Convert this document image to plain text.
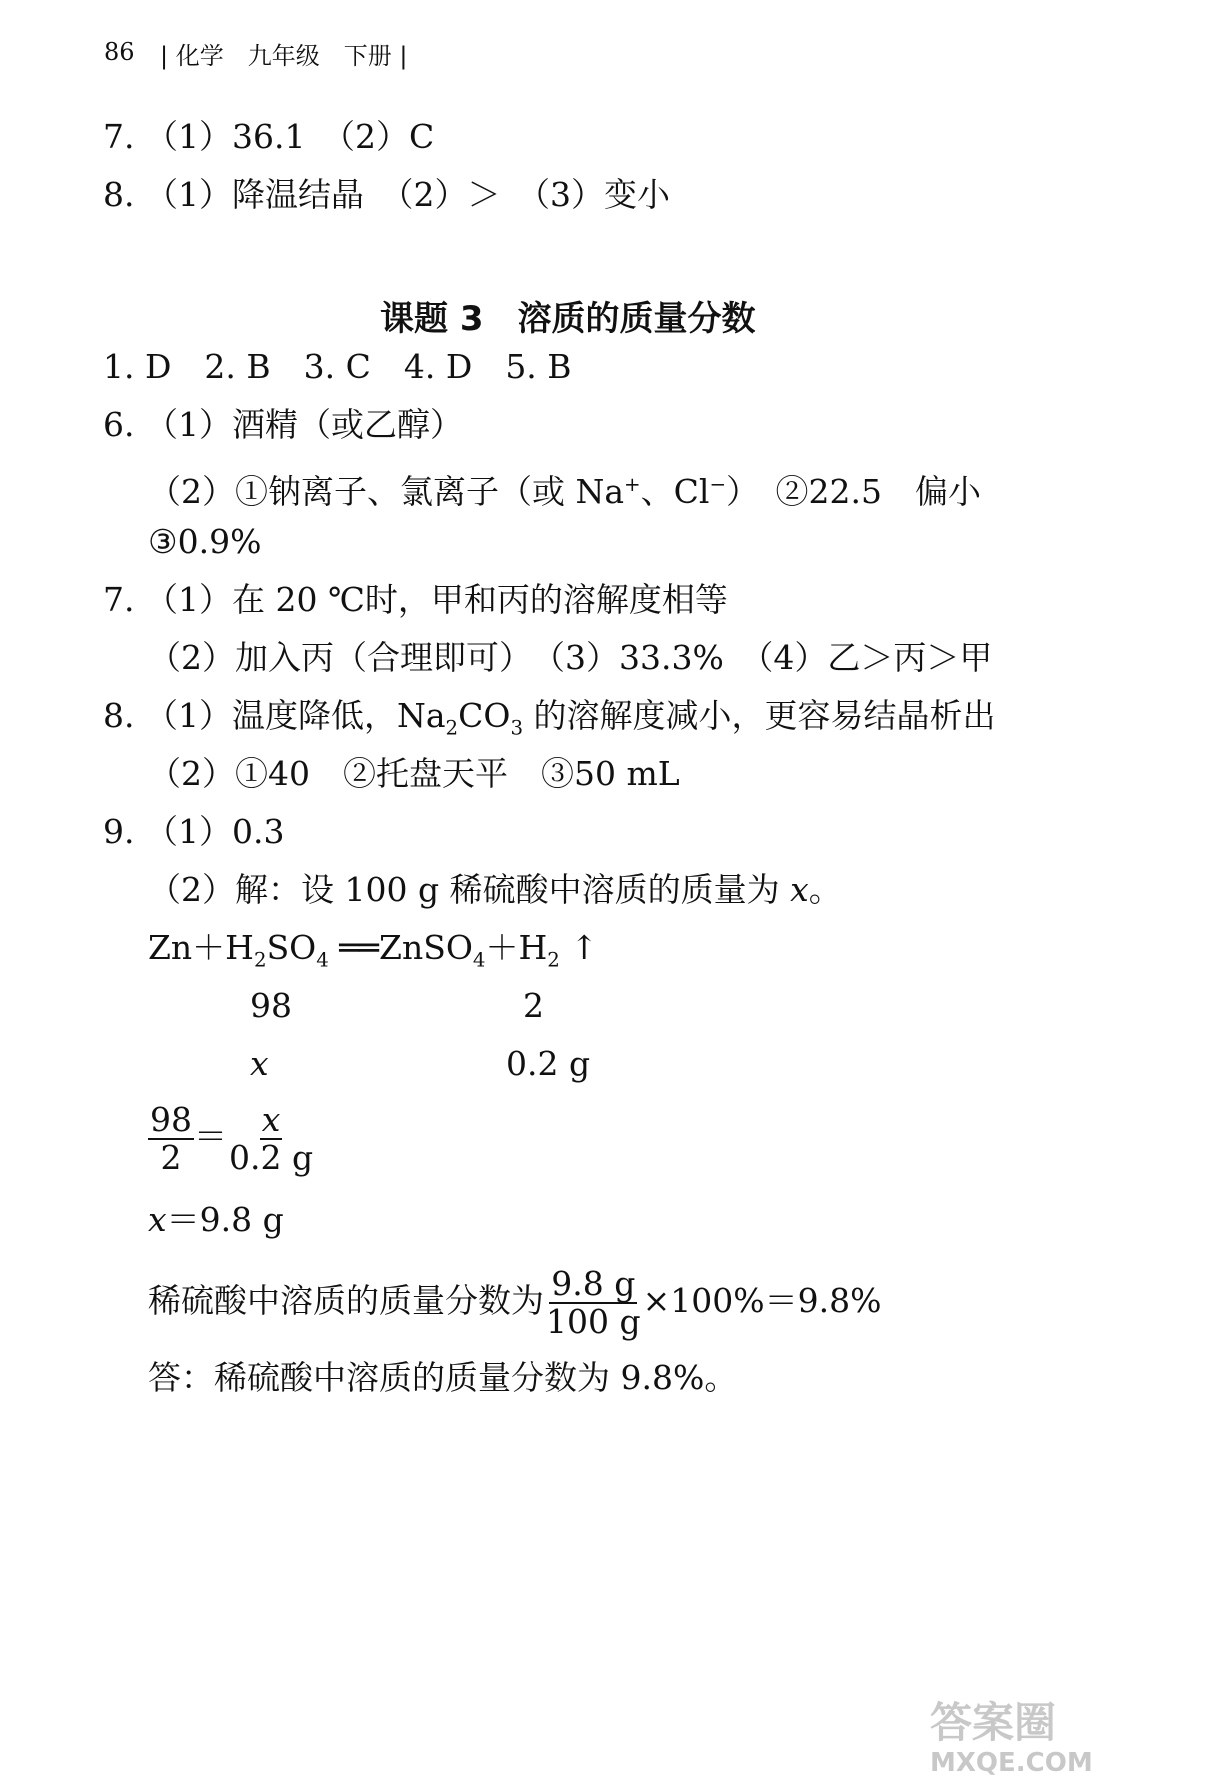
86 | 化学　九年级　下册 |
7. （1）36.1　（2）C
8. （1）降温结晶　（2）＞　（3）变小
课题 3　溶质的质量分数
1. D　2. B　3. C　4. D　5. B
6. （1）酒精（或乙醇）
（2）①钠离子、氯离子（或 Na+、Cl−）　②22.5　偏小
③0.9%
7. （1）在 20 ℃时，甲和丙的溶解度相等
（2）加入丙（合理即可）　（3）33.3%　（4）乙＞丙＞甲
8. （1）温度降低，$Na_2CO_3$ 的溶解度减小，更容易结晶析出
（2）①40　②托盘天平　③50 mL
9. （1）0.3
（2）解：设 100 g 稀硫酸中溶质的质量为 x。
$Zn+H_2SO_4$ $══ZnSO_4+H_2$ ↑
98	2
x	0.2 g
$\frac{98}{2} = \frac{x}{0.2 g}$
x＝9.8 g
稀硫酸中溶质的质量分数为 $\frac{9.8 g}{100 g} \times 100\%=9.8\%$
答：稀硫酸中溶质的质量分数为 9.8%。
答案圈
MXQE.COM
